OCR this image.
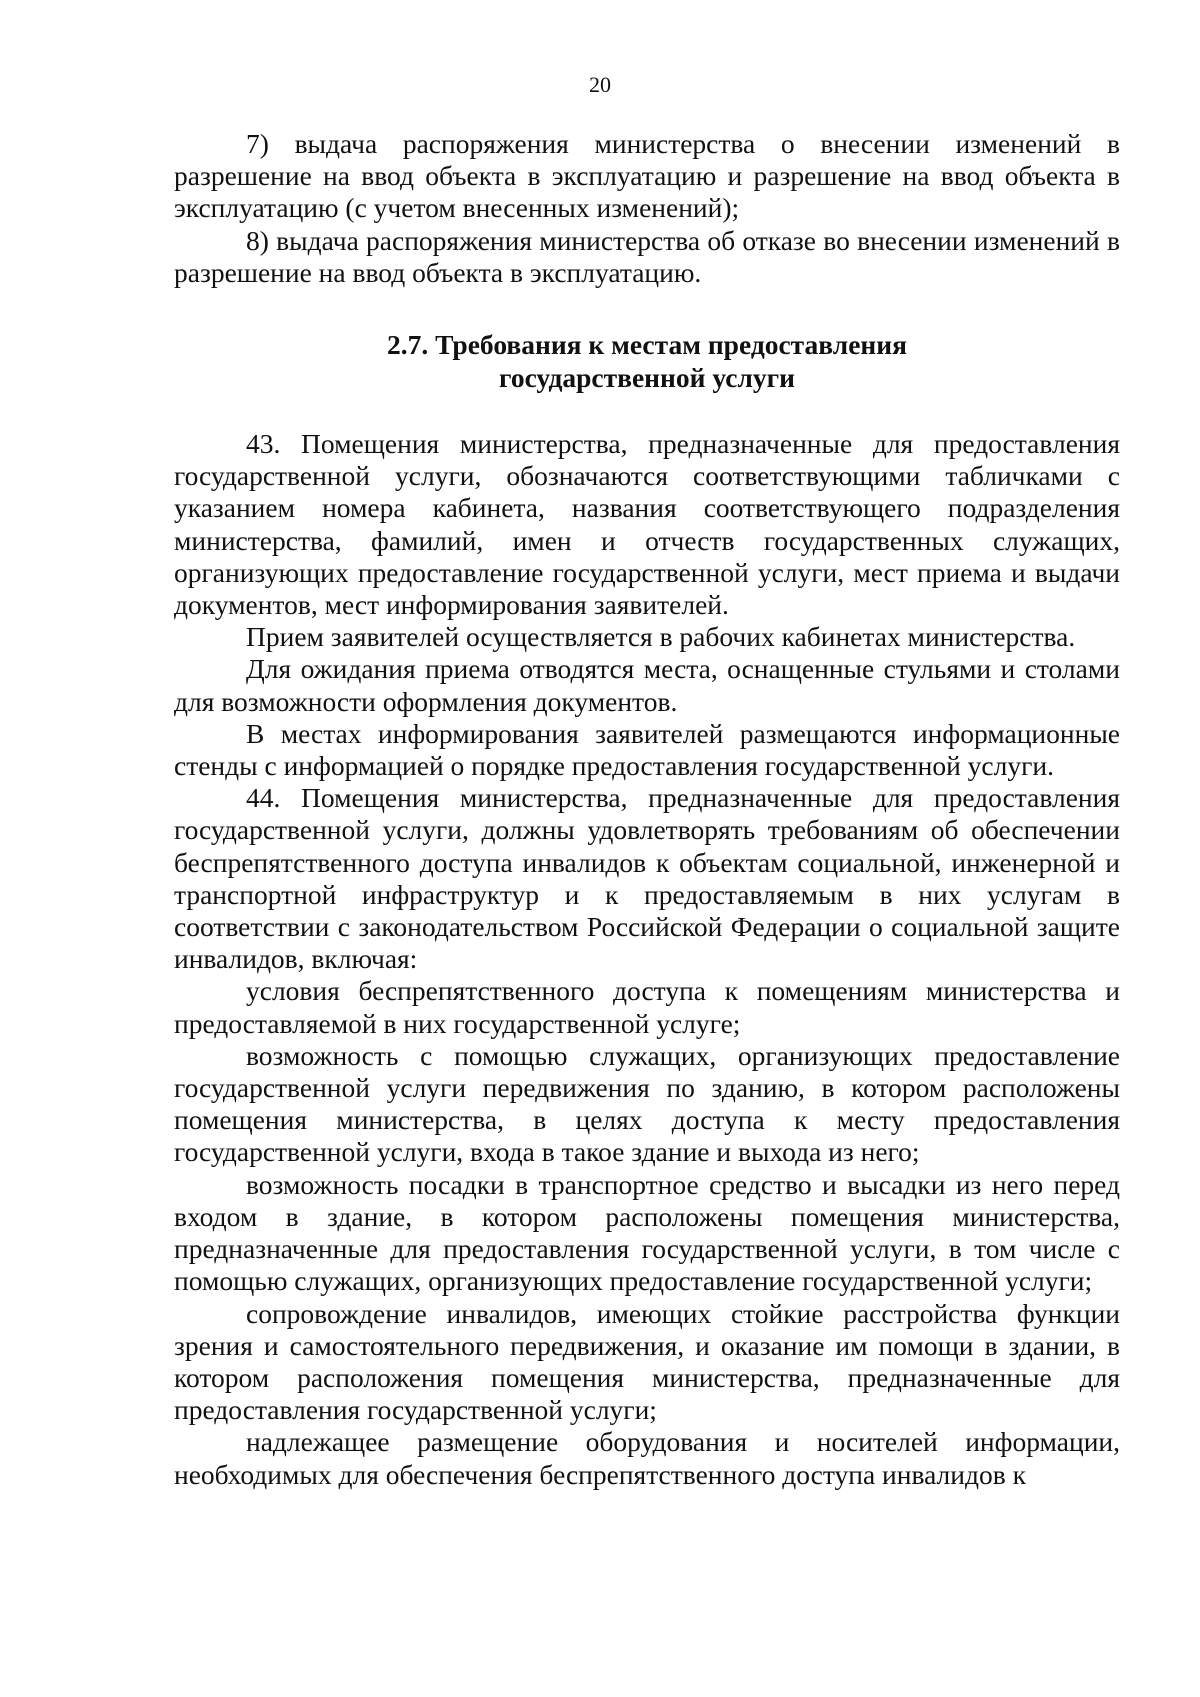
20

7) выдача распоряжения министерства о внесении изменений в разрешение на ввод объекта в эксплуатацию и разрешение на ввод объекта в эксплуатацию (с учетом внесенных изменений);

8) выдача распоряжения министерства об отказе во внесении изменений в разрешение на ввод объекта в эксплуатацию.

2.7. Требования к местам предоставления
государственной услуги

43. Помещения министерства, предназначенные для предоставления государственной услуги, обозначаются соответствующими табличками с указанием номера кабинета, названия соответствующего подразделения министерства, фамилий, имен и отчеств государственных служащих, организующих предоставление государственной услуги, мест приема и выдачи документов, мест информирования заявителей.

Прием заявителей осуществляется в рабочих кабинетах министерства.

Для ожидания приема отводятся места, оснащенные стульями и столами для возможности оформления документов.

В местах информирования заявителей размещаются информационные стенды с информацией о порядке предоставления государственной услуги.

44. Помещения министерства, предназначенные для предоставления государственной услуги, должны удовлетворять требованиям об обеспечении беспрепятственного доступа инвалидов к объектам социальной, инженерной и транспортной инфраструктур и к предоставляемым в них услугам в соответствии с законодательством Российской Федерации о социальной защите инвалидов, включая:

условия беспрепятственного доступа к помещениям министерства и предоставляемой в них государственной услуге;

возможность с помощью служащих, организующих предоставление государственной услуги передвижения по зданию, в котором расположены помещения министерства, в целях доступа к месту предоставления государственной услуги, входа в такое здание и выхода из него;

возможность посадки в транспортное средство и высадки из него перед входом в здание, в котором расположены помещения министерства, предназначенные для предоставления государственной услуги, в том числе с помощью служащих, организующих предоставление государственной услуги;

сопровождение инвалидов, имеющих стойкие расстройства функции зрения и самостоятельного передвижения, и оказание им помощи в здании, в котором расположения помещения министерства, предназначенные для предоставления государственной услуги;

надлежащее размещение оборудования и носителей информации, необходимых для обеспечения беспрепятственного доступа инвалидов к
